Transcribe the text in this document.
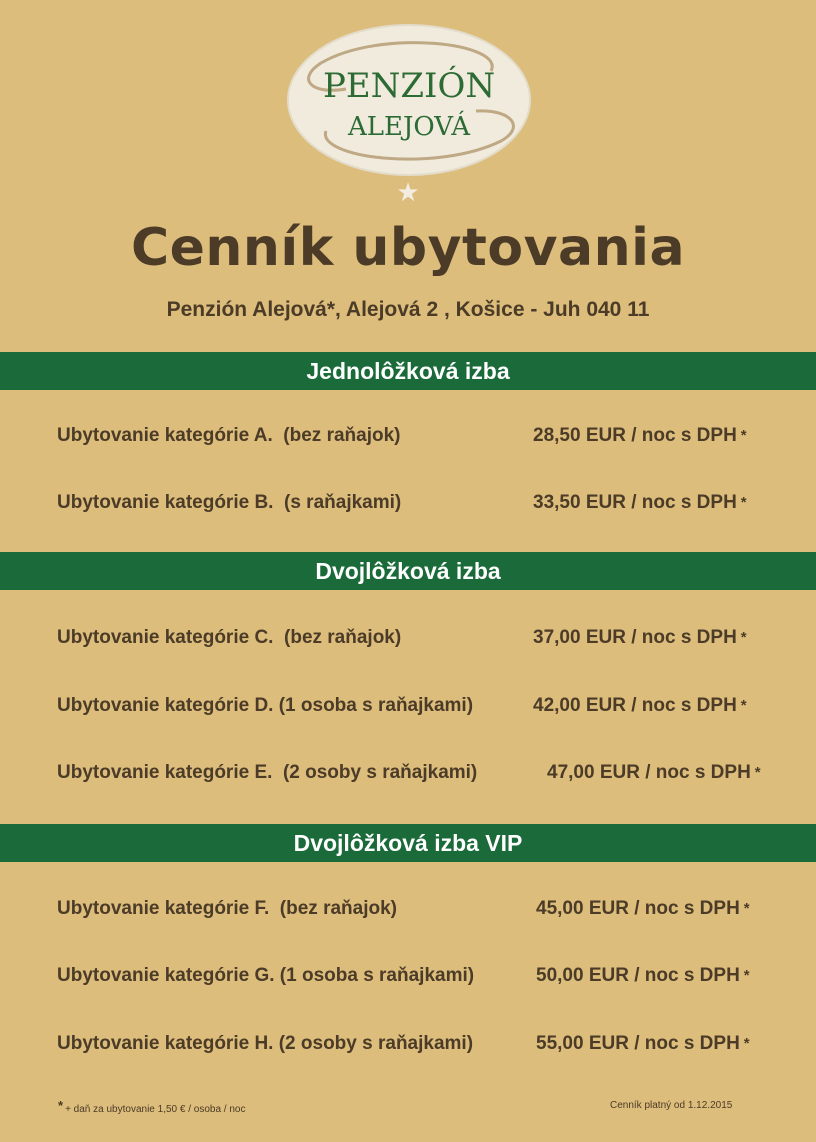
PENZIÓN
ALEJOVÁ
★
Cenník ubytovania
Penzión Alejová*, Alejová 2 , Košice - Juh 040 11
Jednolôžková izba
Ubytovanie kategórie A.  (bez raňajok)	28,50 EUR / noc s DPH *
Ubytovanie kategórie B.  (s raňajkami)	33,50 EUR / noc s DPH *
Dvojlôžková izba
Ubytovanie kategórie C.  (bez raňajok)	37,00 EUR / noc s DPH *
Ubytovanie kategórie D. (1 osoba s raňajkami)	42,00 EUR / noc s DPH *
Ubytovanie kategórie E.  (2 osoby s raňajkami)	47,00 EUR / noc s DPH *
Dvojlôžková izba VIP
Ubytovanie kategórie F.  (bez raňajok)	45,00 EUR / noc s DPH *
Ubytovanie kategórie G. (1 osoba s raňajkami)	50,00 EUR / noc s DPH *
Ubytovanie kategórie H. (2 osoby s raňajkami)	55,00 EUR / noc s DPH *
* + daň za ubytovanie 1,50 € / osoba / noc	Cenník platný od 1.12.2015
